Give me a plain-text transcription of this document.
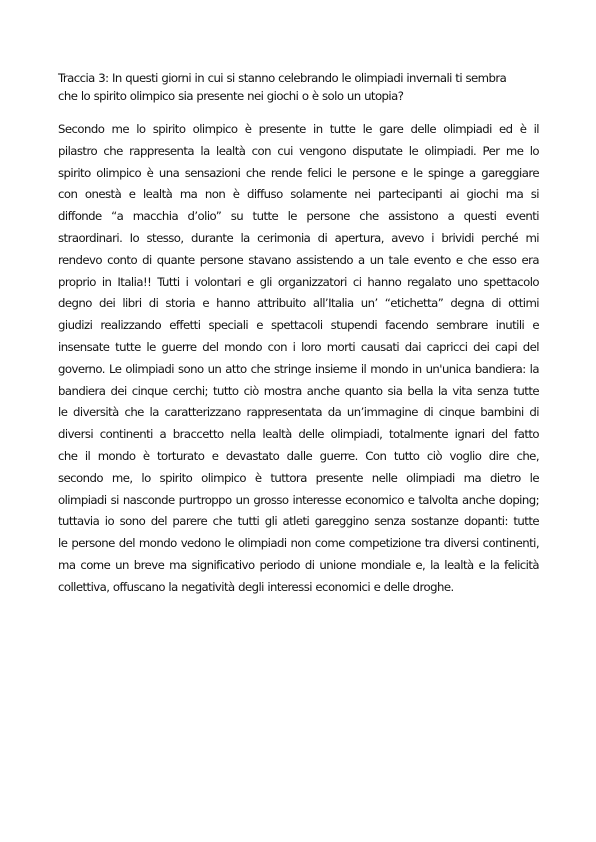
Traccia 3: In questi giorni in cui si stanno celebrando le olimpiadi invernali ti sembra
che lo spirito olimpico sia presente nei giochi o è solo un utopia?
Secondo me lo spirito olimpico è presente in tutte le gare delle olimpiadi ed è il
pilastro che rappresenta la lealtà con cui vengono disputate le olimpiadi. Per me lo
spirito olimpico è una sensazioni che rende felici le persone e le spinge a gareggiare
con onestà e lealtà ma non è diffuso solamente nei partecipanti ai giochi ma si
diffonde “a macchia d’olio” su tutte le persone che assistono a questi eventi
straordinari. Io stesso, durante la cerimonia di apertura, avevo i brividi perché mi
rendevo conto di quante persone stavano assistendo a un tale evento e che esso era
proprio in Italia!! Tutti i volontari e gli organizzatori ci hanno regalato uno spettacolo
degno dei libri di storia e hanno attribuito all’Italia un’ “etichetta” degna di ottimi
giudizi realizzando effetti speciali e spettacoli stupendi facendo sembrare inutili e
insensate tutte le guerre del mondo con i loro morti causati dai capricci dei capi del
governo. Le olimpiadi sono un atto che stringe insieme il mondo in un'unica bandiera: la
bandiera dei cinque cerchi; tutto ciò mostra anche quanto sia bella la vita senza tutte
le diversità che la caratterizzano rappresentata da un’immagine di cinque bambini di
diversi continenti a braccetto nella lealtà delle olimpiadi, totalmente ignari del fatto
che il mondo è torturato e devastato dalle guerre. Con tutto ciò voglio dire che,
secondo me, lo spirito olimpico è tuttora presente nelle olimpiadi ma dietro le
olimpiadi si nasconde purtroppo un grosso interesse economico e talvolta anche doping;
tuttavia io sono del parere che tutti gli atleti gareggino senza sostanze dopanti: tutte
le persone del mondo vedono le olimpiadi non come competizione tra diversi continenti,
ma come un breve ma significativo periodo di unione mondiale e, la lealtà e la felicità
collettiva, offuscano la negatività degli interessi economici e delle droghe.
